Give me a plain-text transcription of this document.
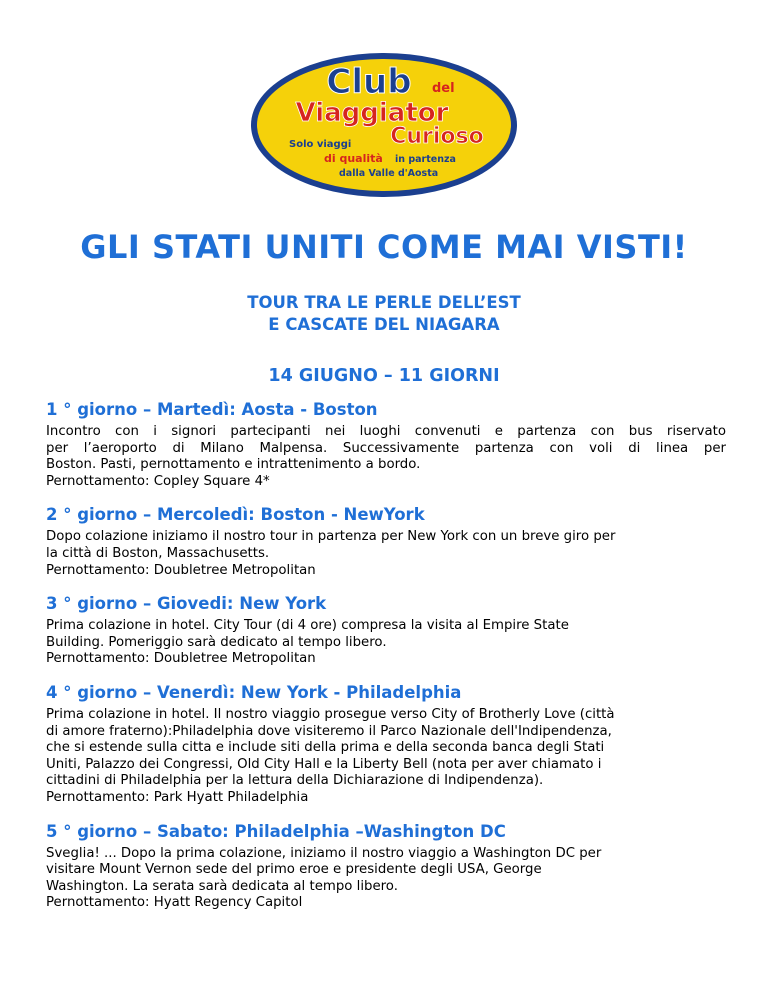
Club del
Viaggiator
Curioso
Solo viaggi
di qualità in partenza
dalla Valle d'Aosta
GLI STATI UNITI COME MAI VISTI!
TOUR TRA LE PERLE DELL’EST
E CASCATE DEL NIAGARA
14 GIUGNO – 11 GIORNI
1 ° giorno – Martedì: Aosta - Boston

Incontro con i signori partecipanti nei luoghi convenuti e partenza con bus riservato
per l’aeroporto di Milano Malpensa. Successivamente partenza con voli di linea per
Boston. Pasti, pernottamento e intrattenimento a bordo.
Pernottamento: Copley Square 4*

2 ° giorno – Mercoledì: Boston - NewYork

Dopo colazione iniziamo il nostro tour in partenza per New York con un breve giro per
la città di Boston, Massachusetts.
Pernottamento: Doubletree Metropolitan

3 ° giorno – Giovedi: New York

Prima colazione in hotel. City Tour (di 4 ore) compresa la visita al Empire State
Building. Pomeriggio sarà dedicato al tempo libero.
Pernottamento: Doubletree Metropolitan

4 ° giorno – Venerdì: New York - Philadelphia

Prima colazione in hotel. Il nostro viaggio prosegue verso City of Brotherly Love (città
di amore fraterno):Philadelphia dove visiteremo il Parco Nazionale dell'Indipendenza,
che si estende sulla citta e include siti della prima e della seconda banca degli Stati
Uniti, Palazzo dei Congressi, Old City Hall e la Liberty Bell (nota per aver chiamato i
cittadini di Philadelphia per la lettura della Dichiarazione di Indipendenza).
Pernottamento: Park Hyatt Philadelphia

5 ° giorno – Sabato: Philadelphia –Washington DC

Sveglia! ... Dopo la prima colazione, iniziamo il nostro viaggio a Washington DC per
visitare Mount Vernon sede del primo eroe e presidente degli USA, George
Washington. La serata sarà dedicata al tempo libero.
Pernottamento: Hyatt Regency Capitol
